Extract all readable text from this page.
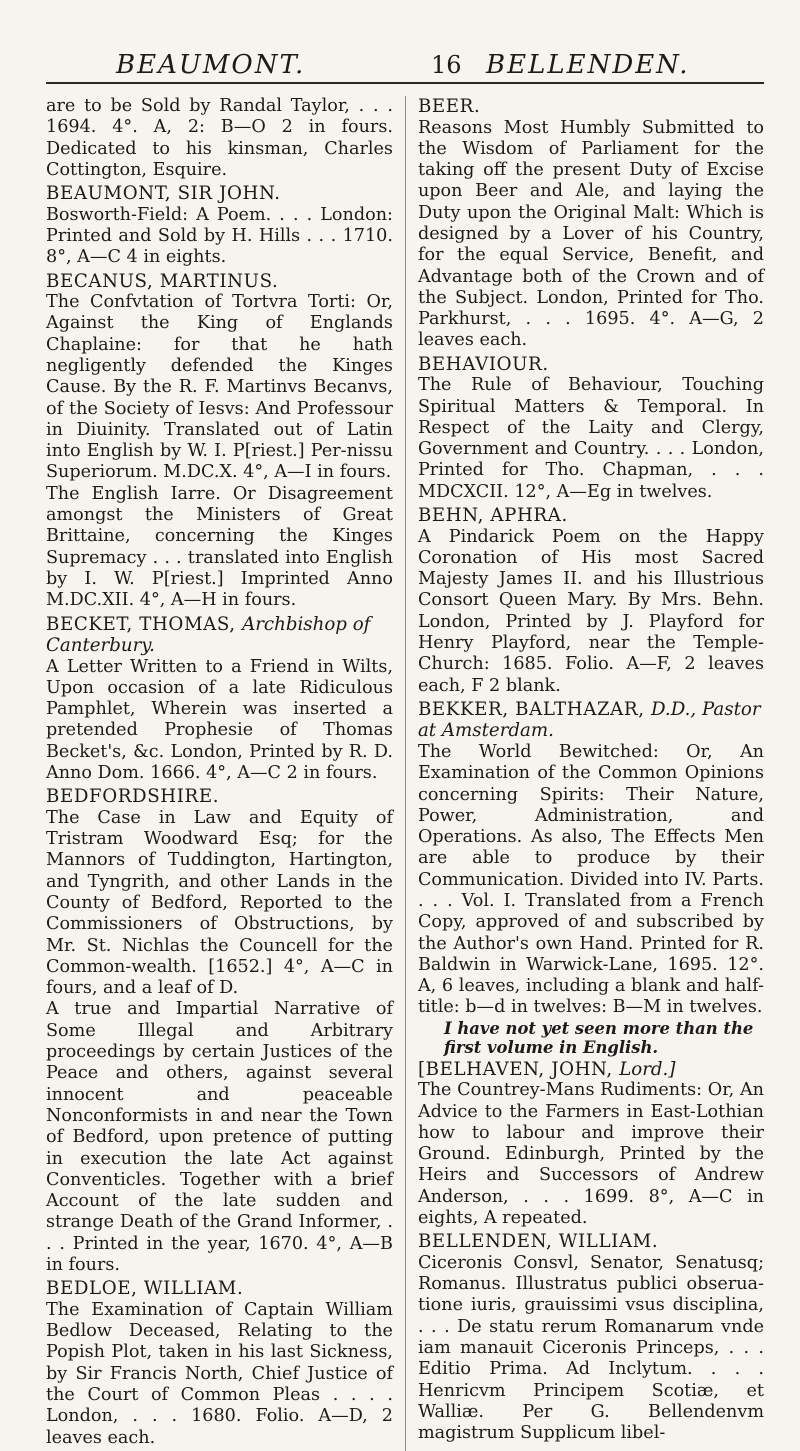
BEAUMONT.	16 BELLENDEN.
are to be Sold by Randal Taylor, . . . 1694. 4°. A, 2: B—O 2 in fours. Dedicated to his kinsman, Charles Cottington, Esquire.
BEAUMONT, SIR JOHN.
Bosworth-Field: A Poem. . . . London: Printed and Sold by H. Hills . . . 1710. 8°, A—C 4 in eights.
BECANUS, MARTINUS.
The Confvtation of Tortvra Torti: Or, Against the King of Englands Chaplaine: for that he hath negligently defended the Kinges Cause. By the R. F. Martinvs Becanvs, of the Society of Iesvs: And Professour in Diuinity. Translated out of Latin into English by W. I. P[riest.] Per-nissu Superiorum. M.DC.X. 4°, A—I in fours.
The English Iarre. Or Disagreement amongst the Ministers of Great Brittaine, concerning the Kinges Supremacy . . . translated into English by I. W. P[riest.] Imprinted Anno M.DC.XII. 4°, A—H in fours.
BECKET, THOMAS, Archbishop of Canterbury.
A Letter Written to a Friend in Wilts, Upon occasion of a late Ridiculous Pamphlet, Wherein was inserted a pretended Prophesie of Thomas Becket's, &c. London, Printed by R. D. Anno Dom. 1666. 4°, A—C 2 in fours.
BEDFORDSHIRE.
The Case in Law and Equity of Tristram Woodward Esq; for the Mannors of Tuddington, Hartington, and Tyngrith, and other Lands in the County of Bedford, Reported to the Commissioners of Obstructions, by Mr. St. Nichlas the Councell for the Common-wealth. [1652.] 4°, A—C in fours, and a leaf of D.
A true and Impartial Narrative of Some Illegal and Arbitrary proceedings by certain Justices of the Peace and others, against several innocent and peaceable Nonconformists in and near the Town of Bedford, upon pretence of putting in execution the late Act against Conventicles. Together with a brief Account of the late sudden and strange Death of the Grand Informer, . . . Printed in the year, 1670. 4°, A—B in fours.
BEDLOE, WILLIAM.
The Examination of Captain William Bedlow Deceased, Relating to the Popish Plot, taken in his last Sickness, by Sir Francis North, Chief Justice of the Court of Common Pleas . . . . London, . . . 1680. Folio. A—D, 2 leaves each.
BEER.
Reasons Most Humbly Submitted to the Wisdom of Parliament for the taking off the present Duty of Excise upon Beer and Ale, and laying the Duty upon the Original Malt: Which is designed by a Lover of his Country, for the equal Service, Benefit, and Advantage both of the Crown and of the Subject. London, Printed for Tho. Parkhurst, . . . 1695. 4°. A—G, 2 leaves each.
BEHAVIOUR.
The Rule of Behaviour, Touching Spiritual Matters & Temporal. In Respect of the Laity and Clergy, Government and Country. . . . London, Printed for Tho. Chapman, . . . MDCXCII. 12°, A—Eg in twelves.
BEHN, APHRA.
A Pindarick Poem on the Happy Coronation of His most Sacred Majesty James II. and his Illustrious Consort Queen Mary. By Mrs. Behn. London, Printed by J. Playford for Henry Playford, near the Temple-Church: 1685. Folio. A—F, 2 leaves each, F 2 blank.
BEKKER, BALTHAZAR, D.D., Pastor at Amsterdam.
The World Bewitched: Or, An Examination of the Common Opinions concerning Spirits: Their Nature, Power, Administration, and Operations. As also, The Effects Men are able to produce by their Communication. Divided into IV. Parts. . . . Vol. I. Translated from a French Copy, approved of and subscribed by the Author's own Hand. Printed for R. Baldwin in Warwick-Lane, 1695. 12°. A, 6 leaves, including a blank and half-title: b—d in twelves: B—M in twelves.
I have not yet seen more than the first volume in English.
[BELHAVEN, JOHN, Lord.]
The Countrey-Mans Rudiments: Or, An Advice to the Farmers in East-Lothian how to labour and improve their Ground. Edinburgh, Printed by the Heirs and Successors of Andrew Anderson, . . . 1699. 8°, A—C in eights, A repeated.
BELLENDEN, WILLIAM.
Ciceronis Consvl, Senator, Senatusq; Romanus. Illustratus publici obserua-tione iuris, grauissimi vsus disciplina, . . . De statu rerum Romanarum vnde iam manauit Ciceronis Princeps, . . . Editio Prima. Ad Inclytum. . . . Henricvm Principem Scotiæ, et Walliæ. Per G. Bellendenvm magistrum Supplicum libel-
